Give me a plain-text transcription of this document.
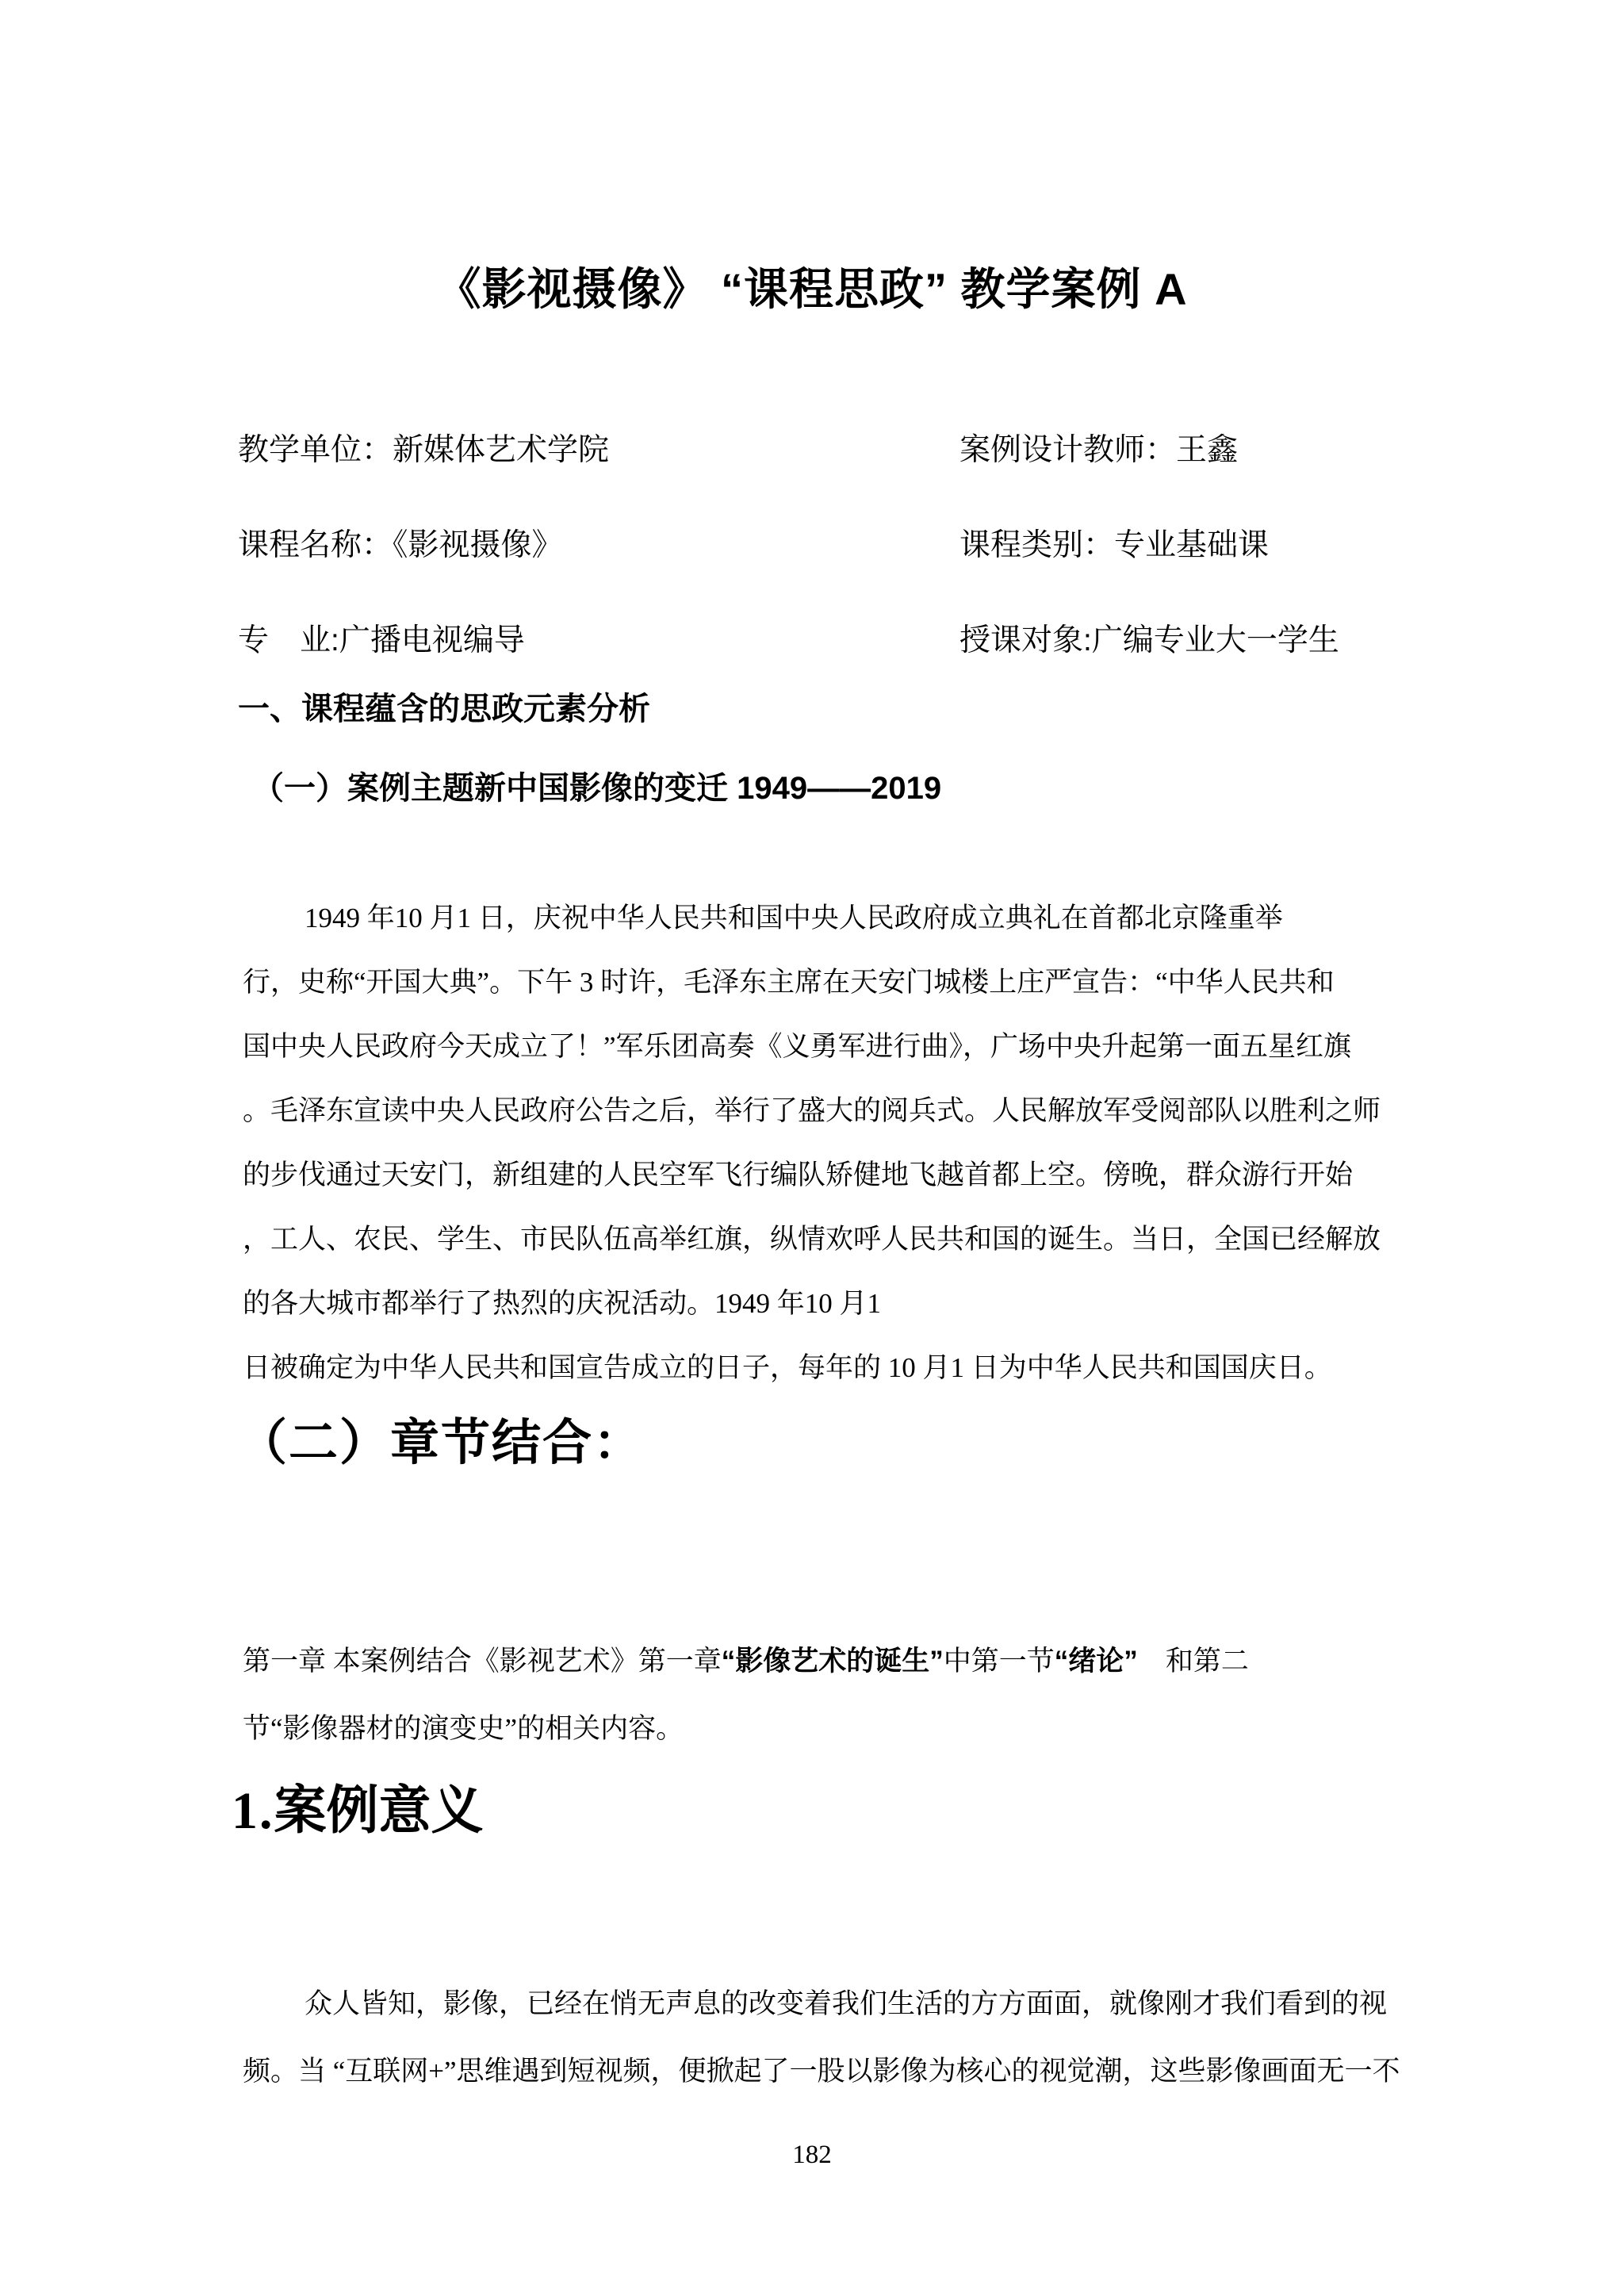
《影视摄像》 “课程思政” 教学案例 A
教学单位：新媒体艺术学院	案例设计教师：王鑫
课程名称：《影视摄像》	课程类别：专业基础课
专　业:广播电视编导	授课对象:广编专业大一学生
一、课程蕴含的思政元素分析
（一）案例主题新中国影像的变迁 1949——2019
1949 年10 月1 日，庆祝中华人民共和国中央人民政府成立典礼在首都北京隆重举
行，史称“开国大典”。下午 3 时许，毛泽东主席在天安门城楼上庄严宣告：“中华人民共和
国中央人民政府今天成立了！”军乐团高奏《义勇军进行曲》，广场中央升起第一面五星红旗
。毛泽东宣读中央人民政府公告之后，举行了盛大的阅兵式。人民解放军受阅部队以胜利之师
的步伐通过天安门，新组建的人民空军飞行编队矫健地飞越首都上空。傍晚，群众游行开始
，工人、农民、学生、市民队伍高举红旗，纵情欢呼人民共和国的诞生。当日，全国已经解放
的各大城市都举行了热烈的庆祝活动。1949 年10 月1
日被确定为中华人民共和国宣告成立的日子，每年的 10 月1 日为中华人民共和国国庆日。
（二）章节结合：
第一章 本案例结合《影视艺术》第一章“影像艺术的诞生”中第一节“绪论”　和第二
节“影像器材的演变史”的相关内容。
1.案例意义
众人皆知，影像，已经在悄无声息的改变着我们生活的方方面面，就像刚才我们看到的视
频。当 “互联网+”思维遇到短视频，便掀起了一股以影像为核心的视觉潮，这些影像画面无一不
182
